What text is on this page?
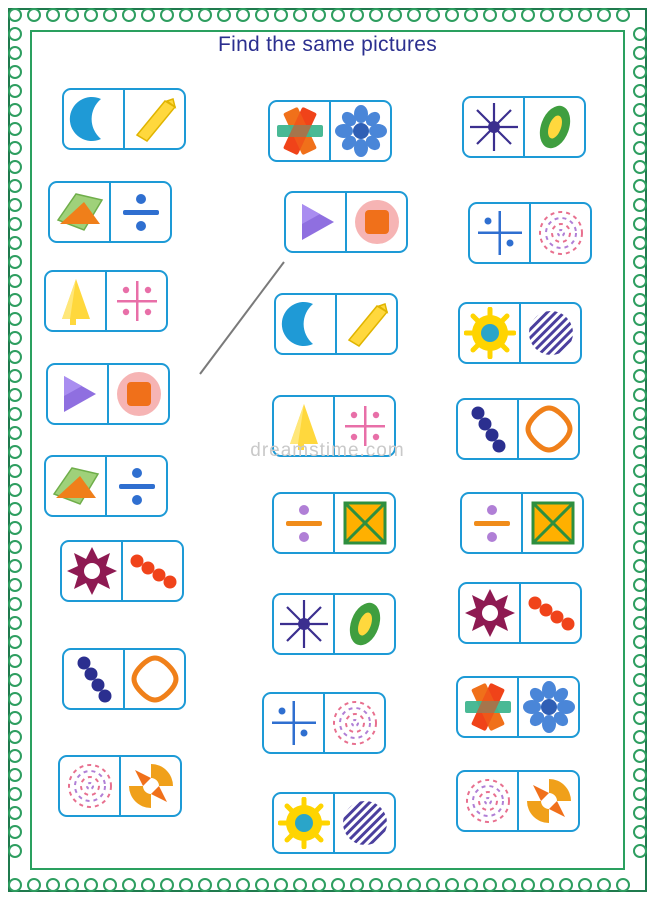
Find the same pictures
dreamstime.com
